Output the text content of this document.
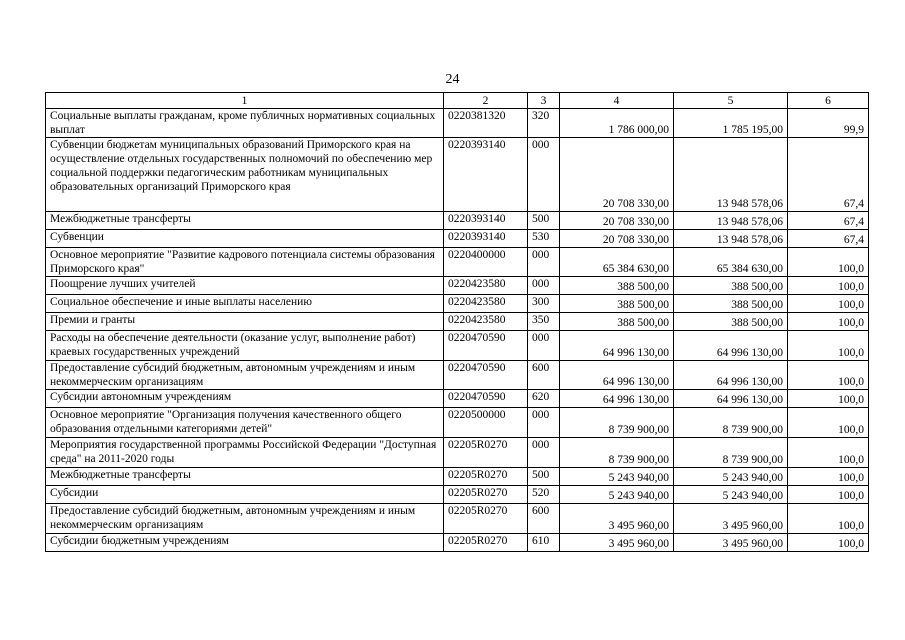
24
1	2	3	4	5	6
Социальные выплаты гражданам, кроме публичных нормативных социальных выплат	0220381320	320	1 786 000,00	1 785 195,00	99,9
Субвенции бюджетам муниципальных образований Приморского края на осуществление отдельных государственных полномочий по обеспечению мер социальной поддержки педагогическим работникам муниципальных образовательных организаций Приморского края	0220393140	000	20 708 330,00	13 948 578,06	67,4
Межбюджетные трансферты	0220393140	500	20 708 330,00	13 948 578,06	67,4
Субвенции	0220393140	530	20 708 330,00	13 948 578,06	67,4
Основное мероприятие "Развитие кадрового потенциала системы образования Приморского края"	0220400000	000	65 384 630,00	65 384 630,00	100,0
Поощрение лучших учителей	0220423580	000	388 500,00	388 500,00	100,0
Социальное обеспечение и иные выплаты населению	0220423580	300	388 500,00	388 500,00	100,0
Премии и гранты	0220423580	350	388 500,00	388 500,00	100,0
Расходы на обеспечение деятельности (оказание услуг, выполнение работ) краевых государственных учреждений	0220470590	000	64 996 130,00	64 996 130,00	100,0
Предоставление субсидий бюджетным, автономным учреждениям и иным некоммерческим организациям	0220470590	600	64 996 130,00	64 996 130,00	100,0
Субсидии автономным учреждениям	0220470590	620	64 996 130,00	64 996 130,00	100,0
Основное мероприятие "Организация получения качественного общего образования отдельными категориями детей"	0220500000	000	8 739 900,00	8 739 900,00	100,0
Мероприятия государственной программы Российской Федерации "Доступная среда" на 2011-2020 годы	02205R0270	000	8 739 900,00	8 739 900,00	100,0
Межбюджетные трансферты	02205R0270	500	5 243 940,00	5 243 940,00	100,0
Субсидии	02205R0270	520	5 243 940,00	5 243 940,00	100,0
Предоставление субсидий бюджетным, автономным учреждениям и иным некоммерческим организациям	02205R0270	600	3 495 960,00	3 495 960,00	100,0
Субсидии бюджетным учреждениям	02205R0270	610	3 495 960,00	3 495 960,00	100,0
